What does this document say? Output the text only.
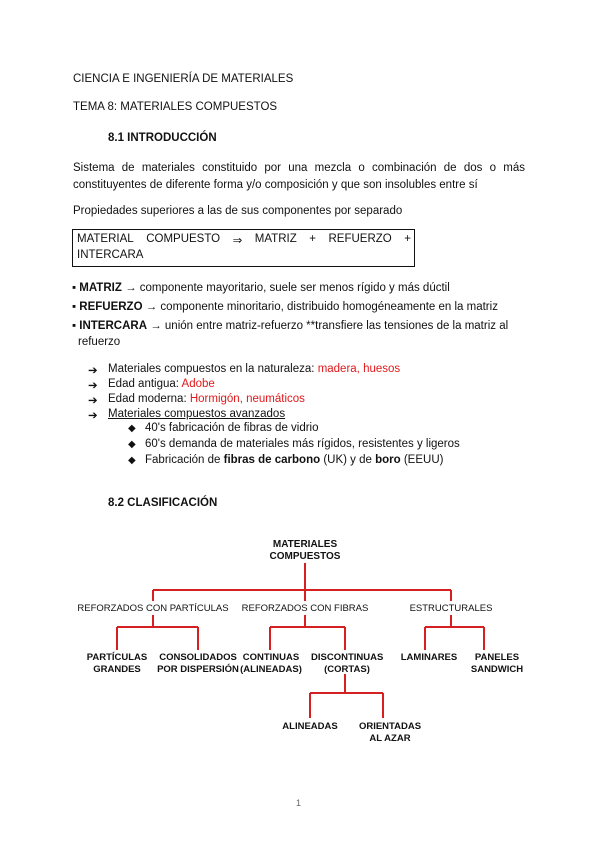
CIENCIA E INGENIERÍA DE MATERIALES
TEMA 8: MATERIALES COMPUESTOS
8.1 INTRODUCCIÓN
Sistema de materiales constituido por una mezcla o combinación de dos o más
constituyentes de diferente forma y/o composición y que son insolubles entre sí
Propiedades superiores a las de sus componentes por separado
MATERIAL COMPUESTO ⇒ MATRIZ + REFUERZO +
INTERCARA
▪ MATRIZ → componente mayoritario, suele ser menos rígido y más dúctil
▪ REFUERZO → componente minoritario, distribuido homogéneamente en la matriz
▪ INTERCARA → unión entre matriz-refuerzo **transfiere las tensiones de la matriz al
refuerzo
➔ Materiales compuestos en la naturaleza: madera, huesos
➔ Edad antigua: Adobe
➔ Edad moderna: Hormigón, neumáticos
➔ Materiales compuestos avanzados
◆ 40's fabricación de fibras de vidrio
◆ 60's demanda de materiales más rígidos, resistentes y ligeros
◆ Fabricación de fibras de carbono (UK) y de boro (EEUU)
8.2 CLASIFICACIÓN
MATERIALES
COMPUESTOS
REFORZADOS CON PARTÍCULAS	REFORZADOS CON FIBRAS	ESTRUCTURALES
PARTÍCULAS
GRANDES
CONSOLIDADOS
POR DISPERSIÓN
CONTINUAS
(ALINEADAS)
DISCONTINUAS
(CORTAS)
LAMINARES	PANELES
SANDWICH
ALINEADAS	ORIENTADAS
AL AZAR
1
